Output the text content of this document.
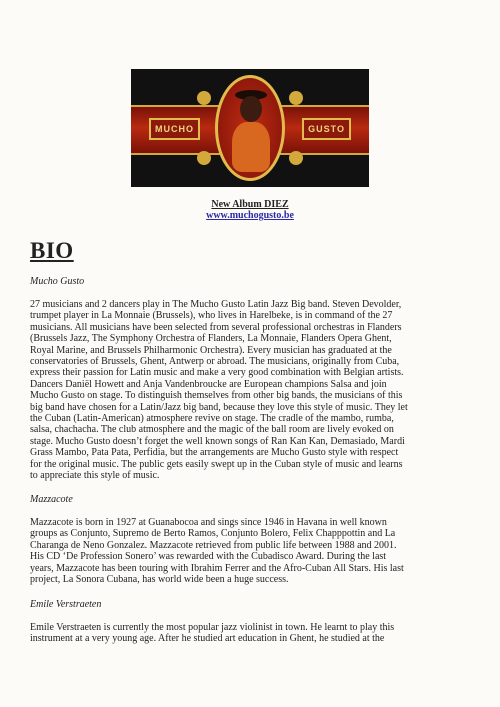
MUCHO	GUSTO
New Album DIEZ
www.muchogusto.be
BIO
Mucho Gusto
27 musicians and 2 dancers play in The Mucho Gusto Latin Jazz Big band. Steven Devolder,
trumpet player in La Monnaie (Brussels), who lives in Harelbeke, is in command of the 27
musicians. All musicians have been selected from several professional orchestras in Flanders
(Brussels Jazz, The Symphony Orchestra of Flanders, La Monnaie, Flanders Opera Ghent,
Royal Marine, and Brussels Philharmonic Orchestra). Every musician has graduated at the
conservatories of Brussels, Ghent, Antwerp or abroad. The musicians, originally from Cuba,
express their passion for Latin music and make a very good combination with Belgian artists.
Dancers Daniël Howett and Anja Vandenbroucke are European champions Salsa and join
Mucho Gusto on stage. To distinguish themselves from other big bands, the musicians of this
big band have chosen for a Latin/Jazz big band, because they love this style of music. They let
the Cuban (Latin-American) atmosphere revive on stage. The cradle of the mambo, rumba,
salsa, chachacha. The club atmosphere and the magic of the ball room are lively evoked on
stage. Mucho Gusto doesn’t forget the well known songs of Ran Kan Kan, Demasiado, Mardi
Grass Mambo, Pata Pata, Perfidia, but the arrangements are Mucho Gusto style with respect
for the original music. The public gets easily swept up in the Cuban style of music and learns
to appreciate this style of music.
Mazzacote
Mazzacote is born in 1927 at Guanabocoa and sings since 1946 in Havana in well known
groups as Conjunto, Supremo de Berto Ramos, Conjunto Bolero, Felix Chapppottin and La
Charanga de Neno Gonzalez. Mazzacote retrieved from public life between 1988 and 2001.
His CD ‘De Profession Sonero’ was rewarded with the Cubadisco Award. During the last
years, Mazzacote has been touring with Ibrahim Ferrer and the Afro-Cuban All Stars. His last
project, La Sonora Cubana, has world wide been a huge success.
Emile Verstraeten
Emile Verstraeten is currently the most popular jazz violinist in town. He learnt to play this
instrument at a very young age. After he studied art education in Ghent, he studied at the
